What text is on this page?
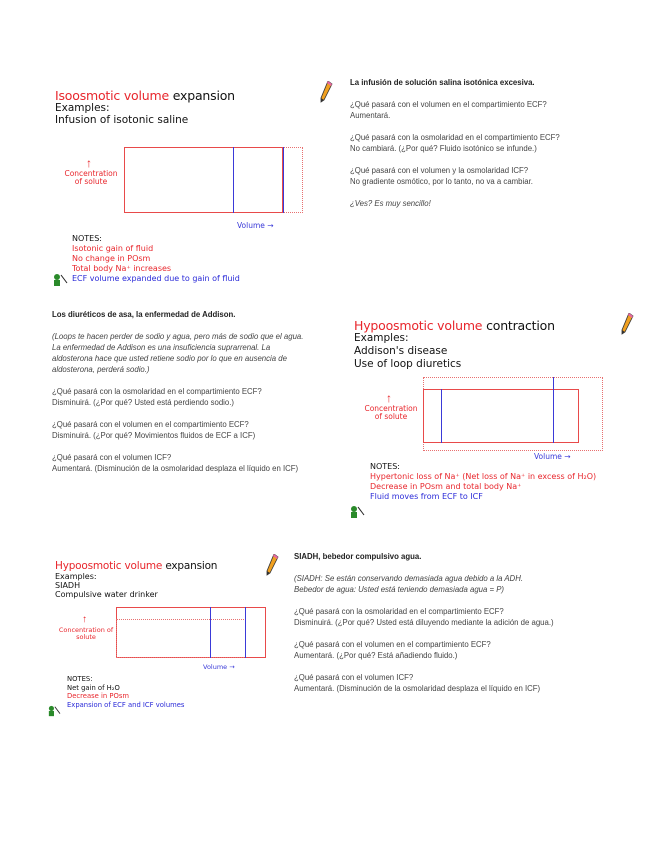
Isoosmotic volume expansion
Examples:
Infusion of isotonic saline
Concentration of solute
↑
Volume →
NOTES:
Isotonic gain of fluid
No change in POsm
Total body Na⁺ increases
ECF volume expanded due to gain of fluid
La infusión de solución salina isotónica excesiva.
¿Qué pasará con el volumen en el compartimiento ECF?
Aumentará.
¿Qué pasará con la osmolaridad en el compartimiento ECF?
No cambiará. (¿Por qué? Fluido isotónico se infunde.)
¿Qué pasará con el volumen y la osmolaridad ICF?
No gradiente osmótico, por lo tanto, no va a cambiar.
¿Ves? Es muy sencillo!
Los diuréticos de asa, la enfermedad de Addison.
(Loops te hacen perder de sodio y agua, pero más de sodio que el agua.
La enfermedad de Addison es una insuficiencia suprarrenal. La
aldosterona hace que usted retiene sodio por lo que en ausencia de
aldosterona, perderá sodio.)
¿Qué pasará con la osmolaridad en el compartimiento ECF?
Disminuirá. (¿Por qué? Usted está perdiendo sodio.)
¿Qué pasará con el volumen en el compartimiento ECF?
Disminuirá. (¿Por qué? Movimientos fluidos de ECF a ICF)
¿Qué pasará con el volumen ICF?
Aumentará. (Disminución de la osmolaridad desplaza el líquido en ICF)
Hypoosmotic volume contraction
Examples:
Addison's disease
Use of loop diuretics
Concentration of solute
↑
Volume →
NOTES:
Hypertonic loss of Na⁺ (Net loss of Na⁺ in excess of H₂O)
Decrease in POsm and total body Na⁺
Fluid moves from ECF to ICF
Hypoosmotic volume expansion
Examples:
SIADH
Compulsive water drinker
Concentration of solute
↑
Volume →
NOTES:
Net gain of H₂O
Decrease in POsm
Expansion of ECF and ICF volumes
SIADH, bebedor compulsivo agua.
(SIADH: Se están conservando demasiada agua debido a la ADH.
Bebedor de agua: Usted está teniendo demasiada agua = P)
¿Qué pasará con la osmolaridad en el compartimiento ECF?
Disminuirá. (¿Por qué? Usted está diluyendo mediante la adición de agua.)
¿Qué pasará con el volumen en el compartimiento ECF?
Aumentará. (¿Por qué? Está añadiendo fluido.)
¿Qué pasará con el volumen ICF?
Aumentará. (Disminución de la osmolaridad desplaza el líquido en ICF)
